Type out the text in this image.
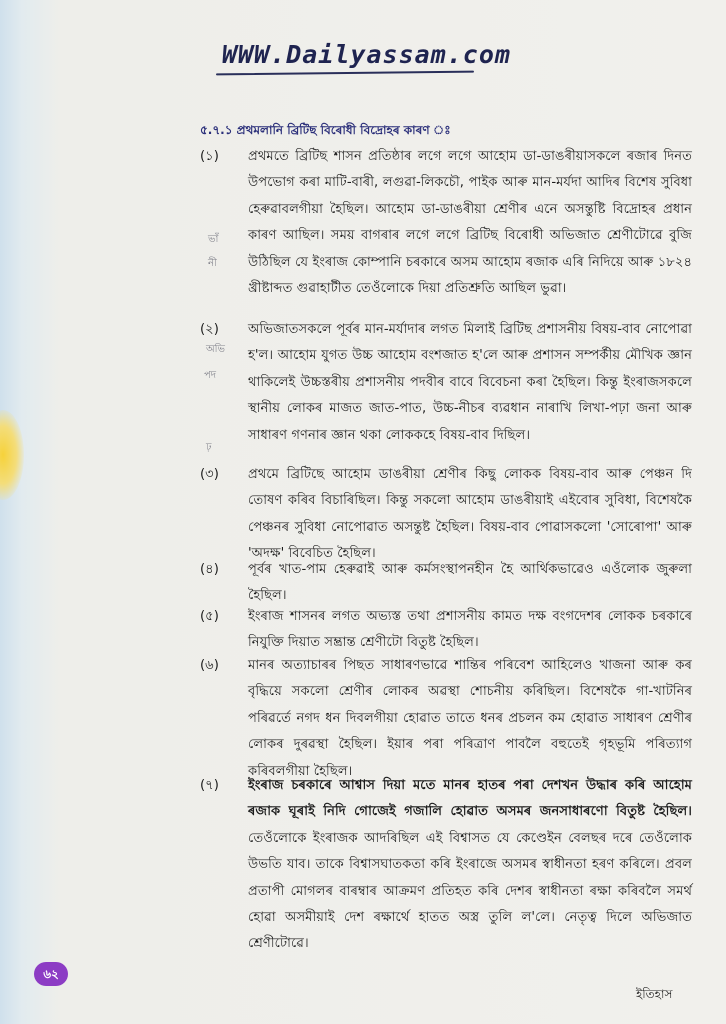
ভাঁ
নী
অভি
পদ
ঢ়
WWW.Dailyassam.com
৫.৭.১ প্ৰথমলানি ব্ৰিটিছ বিৰোধী বিদ্ৰোহৰ কাৰণ ঃ
(১)	প্ৰথমতে ব্ৰিটিছ শাসন প্ৰতিষ্ঠাৰ লগে লগে আহোম ডা-ডাঙৰীয়াসকলে ৰজাৰ দিনত উপভোগ কৰা মাটি-বাৰী, লগুৱা-লিকচৌ, পাইক আৰু মান-মৰ্যদা আদিৰ বিশেষ সুবিধা হেৰুৱাবলগীয়া হৈছিল। আহোম ডা-ডাঙৰীয়া শ্ৰেণীৰ এনে অসন্তুষ্টি বিদ্ৰোহৰ প্ৰধান কাৰণ আছিল। সময় বাগৰাৰ লগে লগে ব্ৰিটিছ বিৰোধী অভিজাত শ্ৰেণীটোৱে বুজি উঠিছিল যে ইংৰাজ কোম্পানি চৰকাৰে অসম আহোম ৰজাক এৰি নিদিয়ে আৰু ১৮২৪ খ্ৰীষ্টাব্দত গুৱাহাটীত তেওঁলোকে দিয়া প্ৰতিশ্ৰুতি আছিল ভুৱা।
(২)	অভিজাতসকলে পূৰ্বৰ মান-মৰ্যাদাৰ লগত মিলাই ব্ৰিটিছ প্ৰশাসনীয় বিষয়-বাব নোপোৱা হ'ল। আহোম যুগত উচ্চ আহোম বংশজাত হ'লে আৰু প্ৰশাসন সম্পৰ্কীয় মৌখিক জ্ঞান থাকিলেই উচ্চস্তৰীয় প্ৰশাসনীয় পদবীৰ বাবে বিবেচনা কৰা হৈছিল। কিন্তু ইংৰাজসকলে স্থানীয় লোকৰ মাজত জাত-পাত, উচ্চ-নীচৰ ব্যৱধান নাৰাখি লিখা-পঢ়া জনা আৰু সাধাৰণ গণনাৰ জ্ঞান থকা লোককহে বিষয়-বাব দিছিল।
(৩)	প্ৰথমে ব্ৰিটিছে আহোম ডাঙৰীয়া শ্ৰেণীৰ কিছু লোকক বিষয়-বাব আৰু পেঞ্চন দি তোষণ কৰিব বিচাৰিছিল। কিন্তু সকলো আহোম ডাঙৰীয়াই এইবোৰ সুবিধা, বিশেষকৈ পেঞ্চনৰ সুবিধা নোপোৱাত অসন্তুষ্ট হৈছিল। বিষয়-বাব পোৱাসকলো 'সোৰোপা' আৰু 'অদক্ষ' বিবেচিত হৈছিল।
(৪)	পূৰ্বৰ খাত-পাম হেৰুৱাই আৰু কৰ্মসংস্থাপনহীন হৈ আৰ্থিকভাৱেও এওঁলোক জুৰুলা হৈছিল।
(৫)	ইংৰাজ শাসনৰ লগত অভ্যস্ত তথা প্ৰশাসনীয় কামত দক্ষ বংগদেশৰ লোকক চৰকাৰে নিযুক্তি দিয়াত সম্ভ্ৰান্ত শ্ৰেণীটো বিতুষ্ট হৈছিল।
(৬)	মানৰ অত্যাচাৰৰ পিছত সাধাৰণভাৱে শান্তিৰ পৰিবেশ আহিলেও খাজনা আৰু কৰ বৃদ্ধিয়ে সকলো শ্ৰেণীৰ লোকৰ অৱস্থা শোচনীয় কৰিছিল। বিশেষকৈ গা-খাটনিৰ পৰিৱৰ্তে নগদ ধন দিবলগীয়া হোৱাত তাতে ধনৰ প্ৰচলন কম হোৱাত সাধাৰণ শ্ৰেণীৰ লোকৰ দুৰৱস্থা হৈছিল। ইয়াৰ পৰা পৰিত্ৰাণ পাবলৈ বহুতেই গৃহভূমি পৰিত্যাগ কৰিবলগীয়া হৈছিল।
(৭)	ইংৰাজ চৰকাৰে আশ্বাস দিয়া মতে মানৰ হাতৰ পৰা দেশখন উদ্ধাৰ কৰি আহোম ৰজাক ঘূৰাই নিদি গোজেই গজালি হোৱাত অসমৰ জনসাধাৰণো বিতুষ্ট হৈছিল। তেওঁলোকে ইংৰাজক আদৰিছিল এই বিশ্বাসত যে কেণ্ডেইন বেলছৰ দৰে তেওঁলোক উভতি যাব। তাকে বিশ্বাসঘাতকতা কৰি ইংৰাজে অসমৰ স্বাধীনতা হৰণ কৰিলে। প্ৰবল প্ৰতাপী মোগলৰ বাৰম্বাৰ আক্ৰমণ প্ৰতিহত কৰি দেশৰ স্বাধীনতা ৰক্ষা কৰিবলৈ সমৰ্থ হোৱা অসমীয়াই দেশ ৰক্ষাৰ্থে হাতত অস্ত্ৰ তুলি ল'লে। নেতৃত্ব দিলে অভিজাত শ্ৰেণীটোৱে।
৬২
ইতিহাস
